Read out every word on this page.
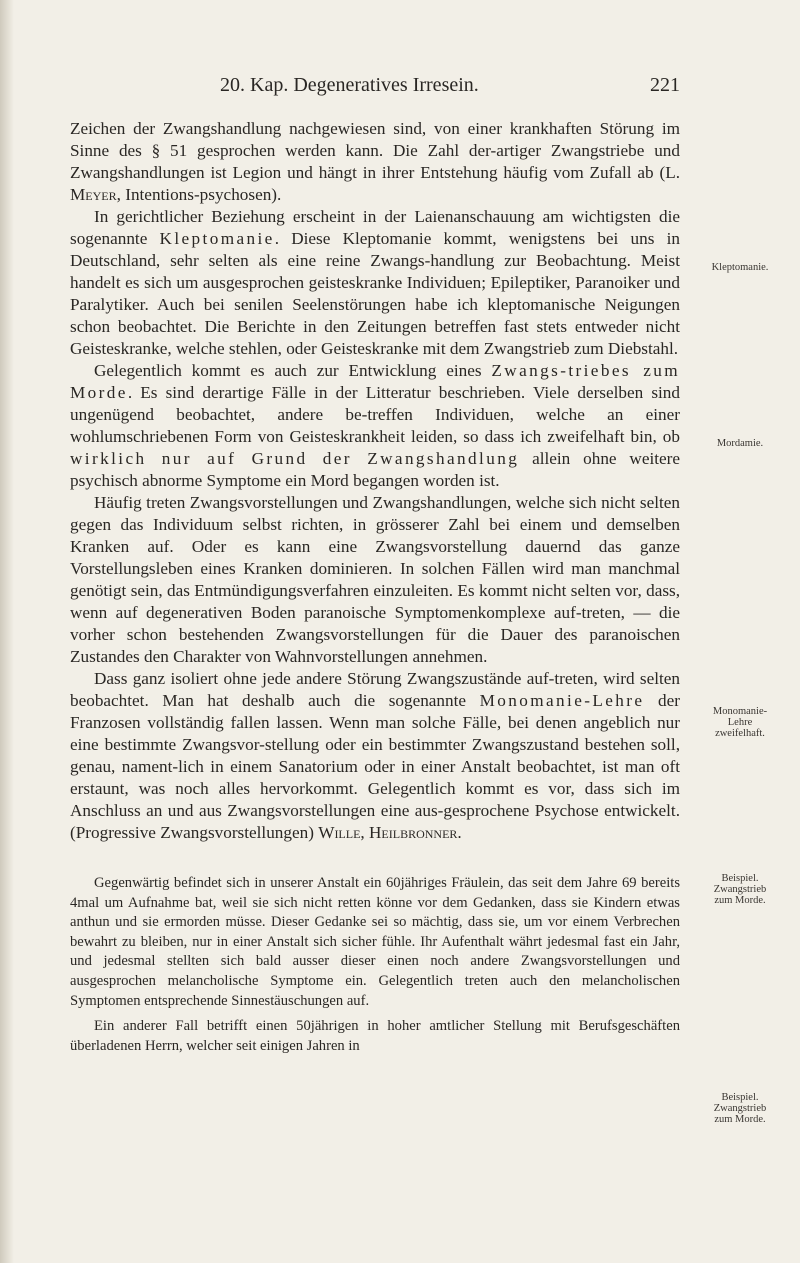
20. Kap. Degeneratives Irresein.	221

Zeichen der Zwangshandlung nachgewiesen sind, von einer krankhaften Störung im Sinne des § 51 gesprochen werden kann. Die Zahl der-artiger Zwangstriebe und Zwangshandlungen ist Legion und hängt in ihrer Entstehung häufig vom Zufall ab (L. Meyer, Intentions-psychosen).

In gerichtlicher Beziehung erscheint in der Laienanschauung am wichtigsten die sogenannte Kleptomanie. Diese Kleptomanie kommt, wenigstens bei uns in Deutschland, sehr selten als eine reine Zwangs-handlung zur Beobachtung. Meist handelt es sich um ausgesprochen geisteskranke Individuen; Epileptiker, Paranoiker und Paralytiker. Auch bei senilen Seelenstörungen habe ich kleptomanische Neigungen schon beobachtet. Die Berichte in den Zeitungen betreffen fast stets entweder nicht Geisteskranke, welche stehlen, oder Geisteskranke mit dem Zwangstrieb zum Diebstahl.

Gelegentlich kommt es auch zur Entwicklung eines Zwangs-triebes zum Morde. Es sind derartige Fälle in der Litteratur beschrieben. Viele derselben sind ungenügend beobachtet, andere be-treffen Individuen, welche an einer wohlumschriebenen Form von Geisteskrankheit leiden, so dass ich zweifelhaft bin, ob wirklich nur auf Grund der Zwangshandlung allein ohne weitere psychisch abnorme Symptome ein Mord begangen worden ist.

Häufig treten Zwangsvorstellungen und Zwangshandlungen, welche sich nicht selten gegen das Individuum selbst richten, in grösserer Zahl bei einem und demselben Kranken auf. Oder es kann eine Zwangsvorstellung dauernd das ganze Vorstellungsleben eines Kranken dominieren. In solchen Fällen wird man manchmal genötigt sein, das Entmündigungsverfahren einzuleiten. Es kommt nicht selten vor, dass, wenn auf degenerativen Boden paranoische Symptomenkomplexe auf-treten, — die vorher schon bestehenden Zwangsvorstellungen für die Dauer des paranoischen Zustandes den Charakter von Wahnvorstellungen annehmen.

Dass ganz isoliert ohne jede andere Störung Zwangszustände auf-treten, wird selten beobachtet. Man hat deshalb auch die sogenannte Monomanie-Lehre der Franzosen vollständig fallen lassen. Wenn man solche Fälle, bei denen angeblich nur eine bestimmte Zwangsvor-stellung oder ein bestimmter Zwangszustand bestehen soll, genau, nament-lich in einem Sanatorium oder in einer Anstalt beobachtet, ist man oft erstaunt, was noch alles hervorkommt. Gelegentlich kommt es vor, dass sich im Anschluss an und aus Zwangsvorstellungen eine aus-gesprochene Psychose entwickelt. (Progressive Zwangsvorstellungen) Wille, Heilbronner.

Gegenwärtig befindet sich in unserer Anstalt ein 60jähriges Fräulein, das seit dem Jahre 69 bereits 4mal um Aufnahme bat, weil sie sich nicht retten könne vor dem Gedanken, dass sie Kindern etwas anthun und sie ermorden müsse. Dieser Gedanke sei so mächtig, dass sie, um vor einem Verbrechen bewahrt zu bleiben, nur in einer Anstalt sich sicher fühle. Ihr Aufenthalt währt jedesmal fast ein Jahr, und jedesmal stellten sich bald ausser dieser einen noch andere Zwangsvorstellungen und ausgesprochen melancholische Symptome ein. Gelegentlich treten auch den melancholischen Symptomen entsprechende Sinnestäuschungen auf.

Ein anderer Fall betrifft einen 50jährigen in hoher amtlicher Stellung mit Berufsgeschäften überladenen Herrn, welcher seit einigen Jahren in

Kleptomanie.
Mordamie.
Monomanie-
Lehre
zweifelhaft.
Beispiel.
Zwangstrieb
zum Morde.
Beispiel.
Zwangstrieb
zum Morde.
